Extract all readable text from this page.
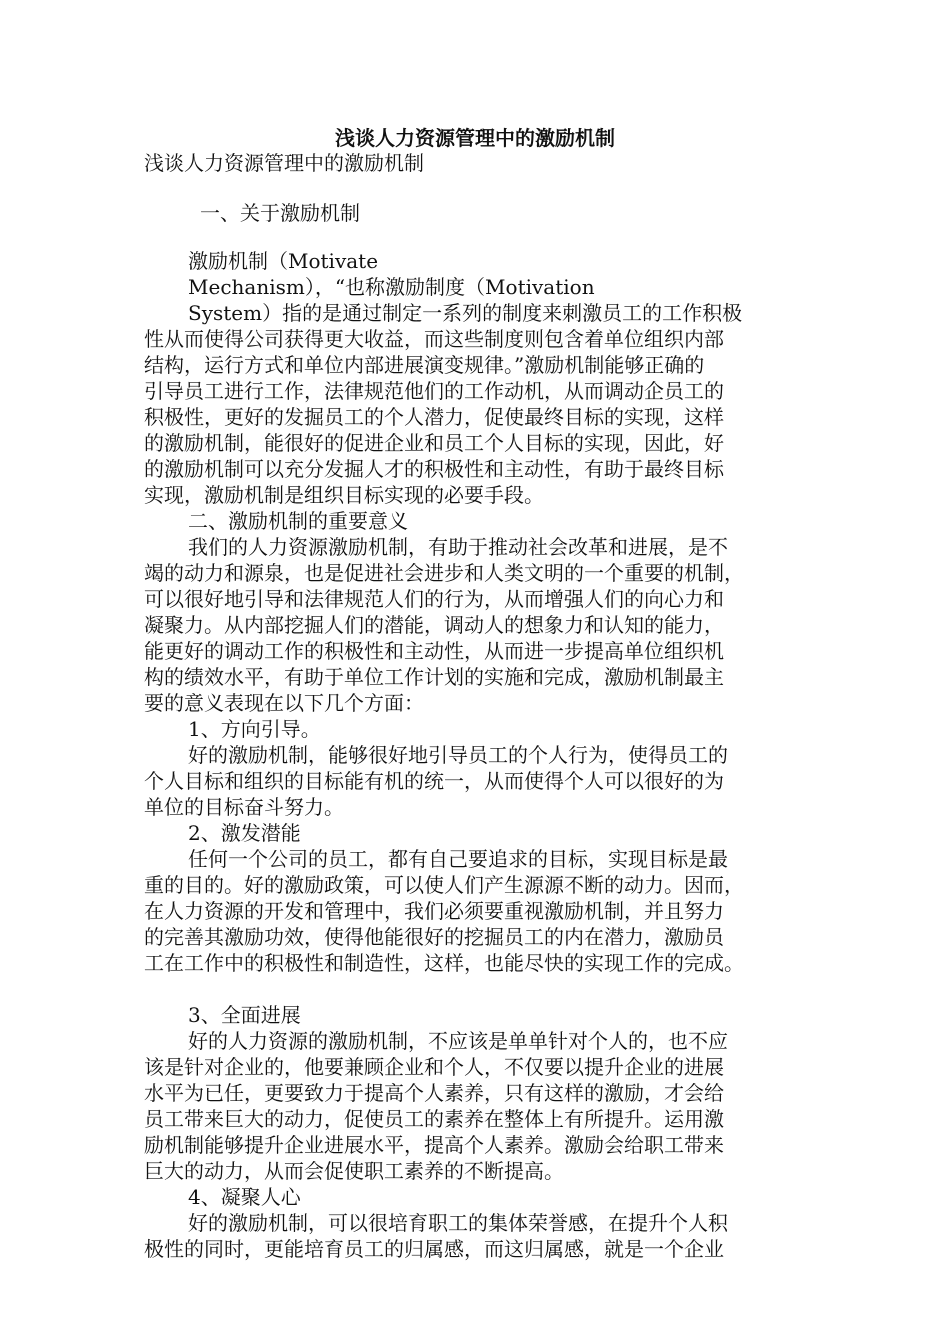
浅谈人力资源管理中的激励机制
浅谈人力资源管理中的激励机制
一、关于激励机制
激励机制（Motivate
Mechanism），“也称激励制度（Motivation
System）指的是通过制定一系列的制度来刺激员工的工作积极
性从而使得公司获得更大收益，而这些制度则包含着单位组织内部
结构，运行方式和单位内部进展演变规律。”激励机制能够正确的
引导员工进行工作，法律规范他们的工作动机，从而调动企员工的
积极性，更好的发掘员工的个人潜力，促使最终目标的实现，这样
的激励机制，能很好的促进企业和员工个人目标的实现，因此，好
的激励机制可以充分发掘人才的积极性和主动性，有助于最终目标
实现，激励机制是组织目标实现的必要手段。
二、激励机制的重要意义
我们的人力资源激励机制，有助于推动社会改革和进展，是不
竭的动力和源泉，也是促进社会进步和人类文明的一个重要的机制，
可以很好地引导和法律规范人们的行为，从而增强人们的向心力和
凝聚力。从内部挖掘人们的潜能，调动人的想象力和认知的能力，
能更好的调动工作的积极性和主动性，从而进一步提高单位组织机
构的绩效水平，有助于单位工作计划的实施和完成，激励机制最主
要的意义表现在以下几个方面：
1、方向引导。
好的激励机制，能够很好地引导员工的个人行为，使得员工的
个人目标和组织的目标能有机的统一，从而使得个人可以很好的为
单位的目标奋斗努力。
2、激发潜能
任何一个公司的员工，都有自己要追求的目标，实现目标是最
重的目的。好的激励政策，可以使人们产生源源不断的动力。因而，
在人力资源的开发和管理中，我们必须要重视激励机制，并且努力
的完善其激励功效，使得他能很好的挖掘员工的内在潜力，激励员
工在工作中的积极性和制造性，这样，也能尽快的实现工作的完成。
3、全面进展
好的人力资源的激励机制，不应该是单单针对个人的，也不应
该是针对企业的，他要兼顾企业和个人，不仅要以提升企业的进展
水平为已任，更要致力于提高个人素养，只有这样的激励，才会给
员工带来巨大的动力，促使员工的素养在整体上有所提升。运用激
励机制能够提升企业进展水平，提高个人素养。激励会给职工带来
巨大的动力，从而会促使职工素养的不断提高。
4、凝聚人心
好的激励机制，可以很培育职工的集体荣誉感，在提升个人积
极性的同时，更能培育员工的归属感，而这归属感，就是一个企业
